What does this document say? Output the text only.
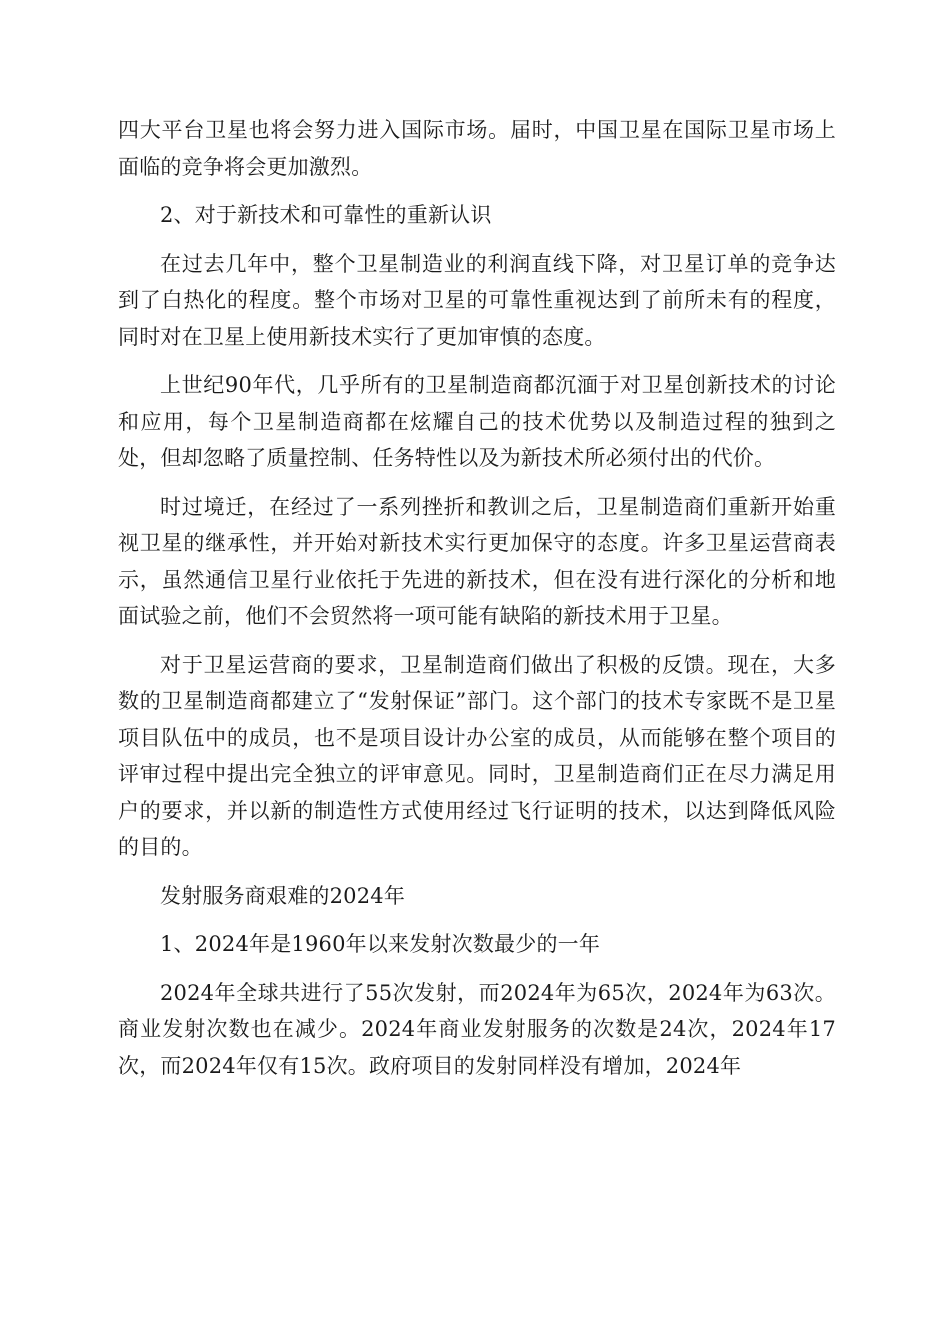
四大平台卫星也将会努力进入国际市场。届时，中国卫星在国际卫星市场上面临的竞争将会更加激烈。

2、对于新技术和可靠性的重新认识

在过去几年中，整个卫星制造业的利润直线下降，对卫星订单的竞争达到了白热化的程度。整个市场对卫星的可靠性重视达到了前所未有的程度，同时对在卫星上使用新技术实行了更加审慎的态度。

上世纪90年代，几乎所有的卫星制造商都沉湎于对卫星创新技术的讨论和应用，每个卫星制造商都在炫耀自己的技术优势以及制造过程的独到之处，但却忽略了质量控制、任务特性以及为新技术所必须付出的代价。

时过境迁，在经过了一系列挫折和教训之后，卫星制造商们重新开始重视卫星的继承性，并开始对新技术实行更加保守的态度。许多卫星运营商表示，虽然通信卫星行业依托于先进的新技术，但在没有进行深化的分析和地面试验之前，他们不会贸然将一项可能有缺陷的新技术用于卫星。

对于卫星运营商的要求，卫星制造商们做出了积极的反馈。现在，大多数的卫星制造商都建立了“发射保证”部门。这个部门的技术专家既不是卫星项目队伍中的成员，也不是项目设计办公室的成员，从而能够在整个项目的评审过程中提出完全独立的评审意见。同时，卫星制造商们正在尽力满足用户的要求，并以新的制造性方式使用经过飞行证明的技术，以达到降低风险的目的。

发射服务商艰难的2024年

1、2024年是1960年以来发射次数最少的一年

2024年全球共进行了55次发射，而2024年为65次，2024年为63次。商业发射次数也在减少。2024年商业发射服务的次数是24次，2024年17次，而2024年仅有15次。政府项目的发射同样没有增加，2024年
